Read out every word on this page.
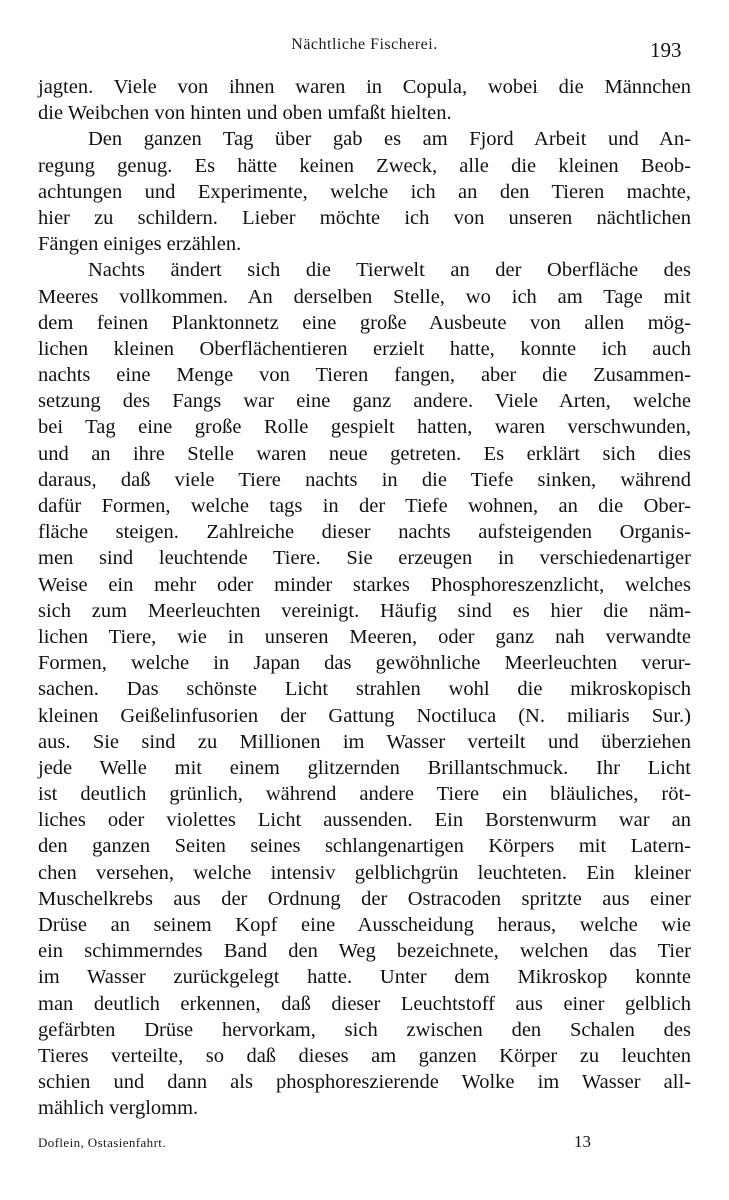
Nächtliche Fischerei.	193
jagten. Viele von ihnen waren in Copula, wobei die Männchen
die Weibchen von hinten und oben umfaßt hielten.
Den ganzen Tag über gab es am Fjord Arbeit und An-
regung genug. Es hätte keinen Zweck, alle die kleinen Beob-
achtungen und Experimente, welche ich an den Tieren machte,
hier zu schildern. Lieber möchte ich von unseren nächtlichen
Fängen einiges erzählen.
Nachts ändert sich die Tierwelt an der Oberfläche des
Meeres vollkommen. An derselben Stelle, wo ich am Tage mit
dem feinen Planktonnetz eine große Ausbeute von allen mög-
lichen kleinen Oberflächentieren erzielt hatte, konnte ich auch
nachts eine Menge von Tieren fangen, aber die Zusammen-
setzung des Fangs war eine ganz andere. Viele Arten, welche
bei Tag eine große Rolle gespielt hatten, waren verschwunden,
und an ihre Stelle waren neue getreten. Es erklärt sich dies
daraus, daß viele Tiere nachts in die Tiefe sinken, während
dafür Formen, welche tags in der Tiefe wohnen, an die Ober-
fläche steigen. Zahlreiche dieser nachts aufsteigenden Organis-
men sind leuchtende Tiere. Sie erzeugen in verschiedenartiger
Weise ein mehr oder minder starkes Phosphoreszenzlicht, welches
sich zum Meerleuchten vereinigt. Häufig sind es hier die näm-
lichen Tiere, wie in unseren Meeren, oder ganz nah verwandte
Formen, welche in Japan das gewöhnliche Meerleuchten verur-
sachen. Das schönste Licht strahlen wohl die mikroskopisch
kleinen Geißelinfusorien der Gattung Noctiluca (N. miliaris Sur.)
aus. Sie sind zu Millionen im Wasser verteilt und überziehen
jede Welle mit einem glitzernden Brillantschmuck. Ihr Licht
ist deutlich grünlich, während andere Tiere ein bläuliches, röt-
liches oder violettes Licht aussenden. Ein Borstenwurm war an
den ganzen Seiten seines schlangenartigen Körpers mit Latern-
chen versehen, welche intensiv gelblichgrün leuchteten. Ein kleiner
Muschelkrebs aus der Ordnung der Ostracoden spritzte aus einer
Drüse an seinem Kopf eine Ausscheidung heraus, welche wie
ein schimmerndes Band den Weg bezeichnete, welchen das Tier
im Wasser zurückgelegt hatte. Unter dem Mikroskop konnte
man deutlich erkennen, daß dieser Leuchtstoff aus einer gelblich
gefärbten Drüse hervorkam, sich zwischen den Schalen des
Tieres verteilte, so daß dieses am ganzen Körper zu leuchten
schien und dann als phosphoreszierende Wolke im Wasser all-
mählich verglomm.
Doflein, Ostasienfahrt.	13
